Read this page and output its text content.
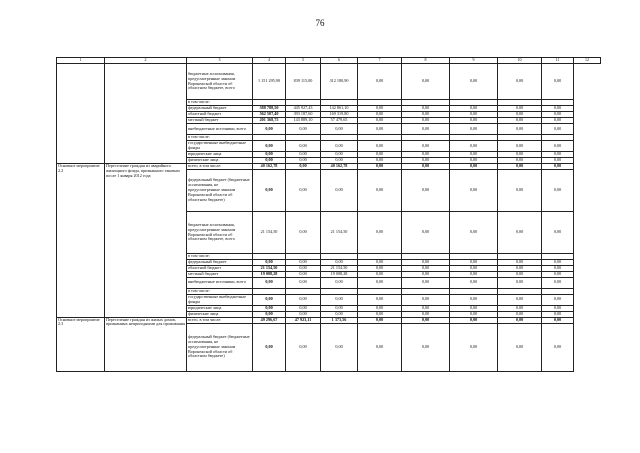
76
1	2	3	4	5	6	7	8	9	10	11	12
		бюджетные ассигнования, предусмотренные законом Воронежской области об областном бюджете, всего	1 151 295,90	839 115,00	312 180,90	0,00	0,00	0,00	0,00	0,00	
		в том числе:									
		федеральный бюджет	588 788,50	445 927,43	142 861,10	0,00	0,00	0,00	0,00	0,00	
		областной бюджет	562 507,40	393 187,60	169 319,80	0,00	0,00	0,00	0,00	0,00	
		местный бюджет	201 368,75	143 889,10	57 479,65	0,00	0,00	0,00	0,00	0,00	
		внебюджетные источники, всего	0,00	0,00	0,00	0,00	0,00	0,00	0,00	0,00	
		в том числе:									
		государственные внебюджетные фонды	0,00	0,00	0,00	0,00	0,00	0,00	0,00	0,00	
		юридические лица	0,00	0,00	0,00	0,00	0,00	0,00	0,00	0,00	
		физические лица	0,00	0,00	0,00	0,00	0,00	0,00	0,00	0,00	
Основное мероприятие 2.2	Переселение граждан из аварийного жилищного фонда, признанного таковым после 1 января 2012 года	всего, в том числе:	40 162,78	0,00	40 162,78	0,00	0,00	0,00	0,00	0,00	
		федеральный бюджет (бюджетные ассигнования, не предусмотренные законом Воронежской области об областном бюджете)	0,00	0,00	0,00	0,00	0,00	0,00	0,00	0,00	
		бюджетные ассигнования, предусмотренные законом Воронежской области об областном бюджете, всего	21 154,50	0,00	21 154,50	0,00	0,00	0,00	0,00	0,00	
		в том числе:									
		федеральный бюджет	0,00	0,00	0,00	0,00	0,00	0,00	0,00	0,00	
		областной бюджет	21 154,50	0,00	21 154,50	0,00	0,00	0,00	0,00	0,00	
		местный бюджет	19 008,28	0,00	19 008,28	0,00	0,00	0,00	0,00	0,00	
		внебюджетные источники, всего	0,00	0,00	0,00	0,00	0,00	0,00	0,00	0,00	
		в том числе:									
		государственные внебюджетные фонды	0,00	0,00	0,00	0,00	0,00	0,00	0,00	0,00	
		юридические лица	0,00	0,00	0,00	0,00	0,00	0,00	0,00	0,00	
		физические лица	0,00	0,00	0,00	0,00	0,00	0,00	0,00	0,00	
Основное мероприятие 2.3	Переселение граждан из жилых домов, признанных непригодными для проживания	всего, в том числе:	49 296,67	47 923,11	1 373,56	0,00	0,00	0,00	0,00	0,00	
		федеральный бюджет (бюджетные ассигнования, не предусмотренные законом Воронежской области об областном бюджете)	0,00	0,00	0,00	0,00	0,00	0,00	0,00	0,00	
